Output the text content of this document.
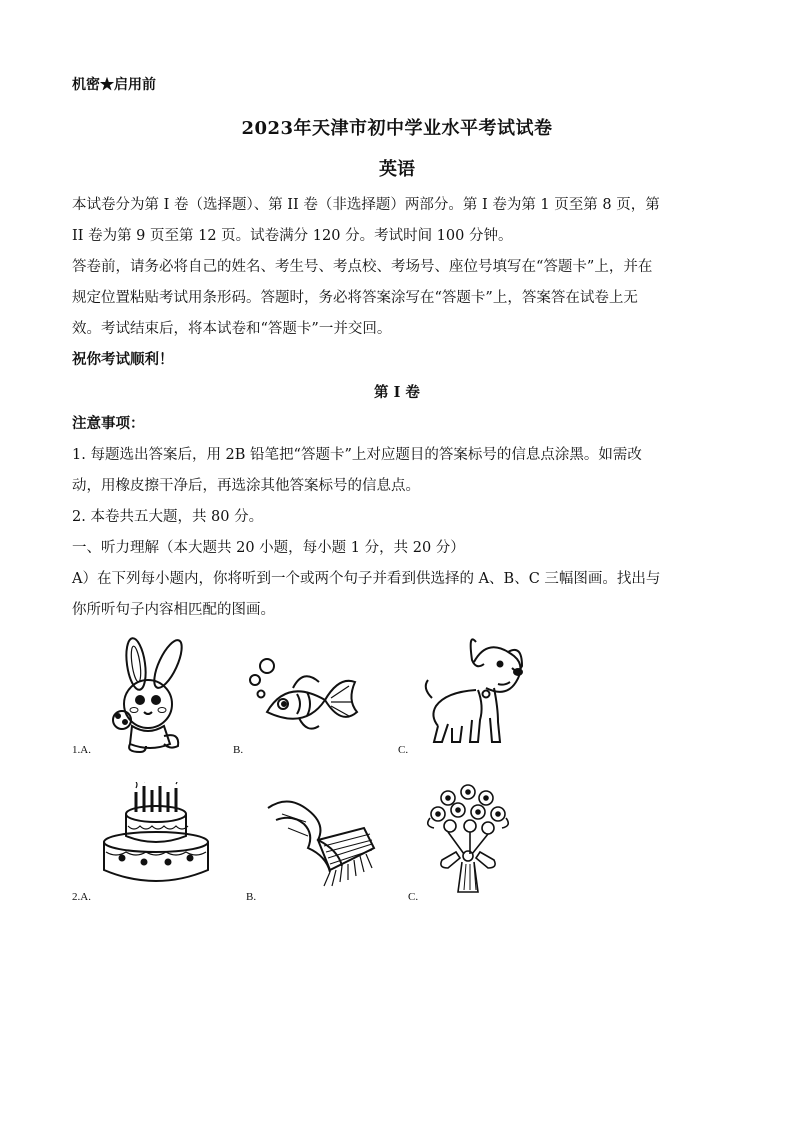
机密★启用前
2023年天津市初中学业水平考试试卷
英语
本试卷分为第 I 卷（选择题）、第 II 卷（非选择题）两部分。第 I 卷为第 1 页至第 8 页，第
II 卷为第 9 页至第 12 页。试卷满分 120 分。考试时间 100 分钟。
答卷前，请务必将自己的姓名、考生号、考点校、考场号、座位号填写在“答题卡”上，并在
规定位置粘贴考试用条形码。答题时，务必将答案涂写在“答题卡”上，答案答在试卷上无
效。考试结束后，将本试卷和“答题卡”一并交回。
祝你考试顺利！
第 I 卷
注意事项：
1. 每题选出答案后，用 2B 铅笔把“答题卡”上对应题目的答案标号的信息点涂黑。如需改
动，用橡皮擦干净后，再选涂其他答案标号的信息点。
2. 本卷共五大题，共 80 分。
一、听力理解（本大题共 20 小题，每小题 1 分，共 20 分）
A）在下列每小题内，你将听到一个或两个句子并看到供选择的 A、B、C 三幅图画。找出与
你所听句子内容相匹配的图画。
1.A.	B.	C.
2.A.	B.	C.
